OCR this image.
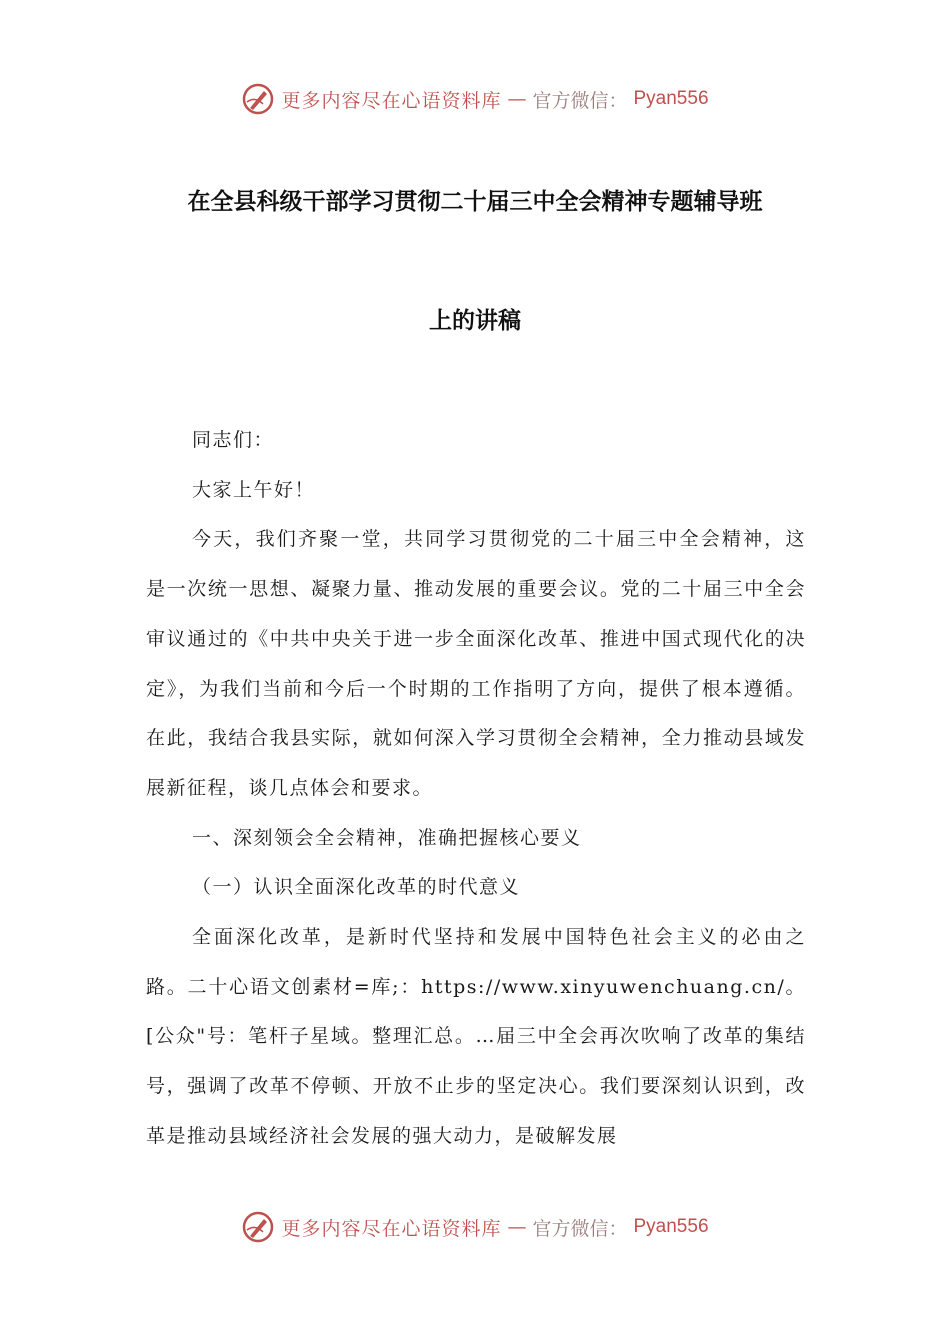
更多内容尽在心语资料库 — 官方微信： Pyan556
在全县科级干部学习贯彻二十届三中全会精神专题辅导班
上的讲稿

同志们：

大家上午好！

今天，我们齐聚一堂，共同学习贯彻党的二十届三中全会精神，这是一次统一思想、凝聚力量、推动发展的重要会议。党的二十届三中全会审议通过的《中共中央关于进一步全面深化改革、推进中国式现代化的决定》，为我们当前和今后一个时期的工作指明了方向，提供了根本遵循。在此，我结合我县实际，就如何深入学习贯彻全会精神，全力推动县域发展新征程，谈几点体会和要求。

一、深刻领会全会精神，准确把握核心要义

（一）认识全面深化改革的时代意义

全面深化改革，是新时代坚持和发展中国特色社会主义的必由之路。二十心语文创素材=库;：https://www.xinyuwenchuang.cn/。[公众"号：笔杆子星域。整理汇总。…届三中全会再次吹响了改革的集结号，强调了改革不停顿、开放不止步的坚定决心。我们要深刻认识到，改革是推动县域经济社会发展的强大动力，是破解发展

更多内容尽在心语资料库 — 官方微信： Pyan556
